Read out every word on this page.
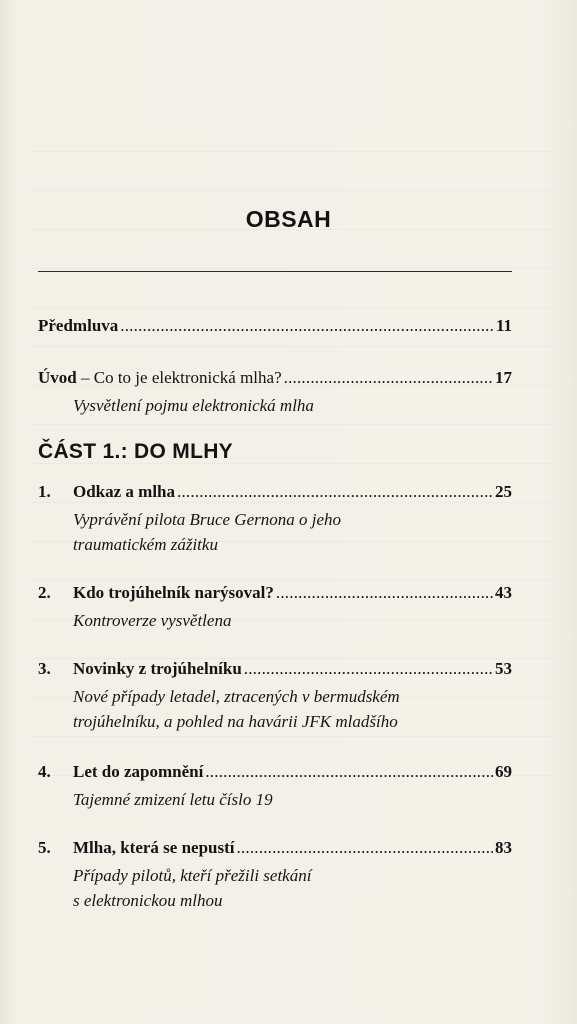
OBSAH
Předmluva .....	11
Úvod – Co to je elektronická mlha? .....	17
Vysvětlení pojmu elektronická mlha
ČÁST 1.: DO MLHY
1.	Odkaz a mlha .....	25
Vyprávění pilota Bruce Gernona o jeho
traumatickém zážitku
2.	Kdo trojúhelník narýsoval? .....	43
Kontroverze vysvětlena
3.	Novinky z trojúhelníku .....	53
Nové případy letadel, ztracených v bermudském
trojúhelníku, a pohled na havárii JFK mladšího
4.	Let do zapomnění .....	69
Tajemné zmizení letu číslo 19
5.	Mlha, která se nepustí .....	83
Případy pilotů, kteří přežili setkání
s elektronickou mlhou
